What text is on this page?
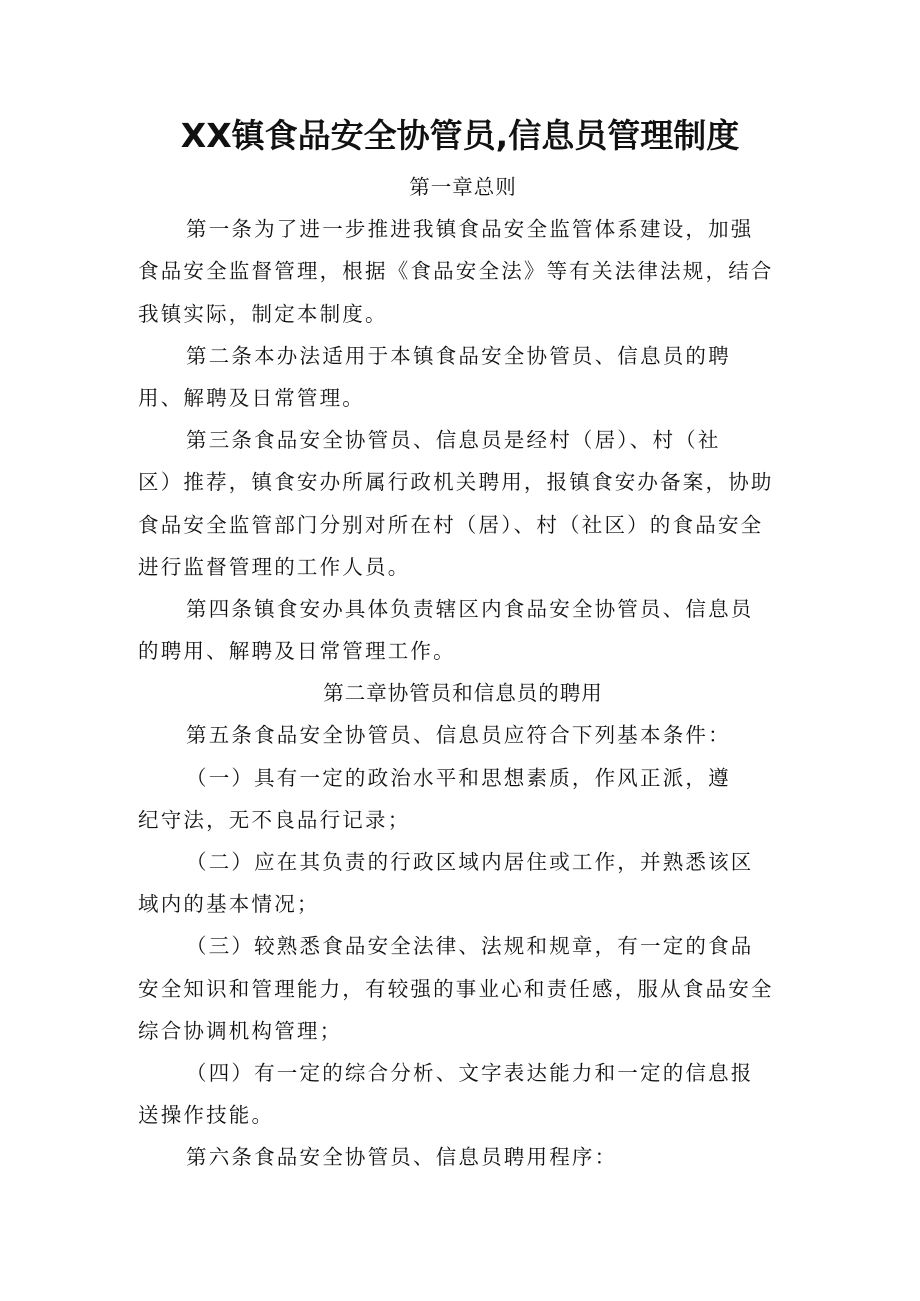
XX镇食品安全协管员,信息员管理制度
第一章总则
第一条为了进一步推进我镇食品安全监管体系建设，加强
食品安全监督管理，根据《食品安全法》等有关法律法规，结合
我镇实际，制定本制度。
第二条本办法适用于本镇食品安全协管员、信息员的聘
用、解聘及日常管理。
第三条食品安全协管员、信息员是经村（居）、村（社
区）推荐，镇食安办所属行政机关聘用，报镇食安办备案，协助
食品安全监管部门分别对所在村（居）、村（社区）的食品安全
进行监督管理的工作人员。
第四条镇食安办具体负责辖区内食品安全协管员、信息员
的聘用、解聘及日常管理工作。
第二章协管员和信息员的聘用
第五条食品安全协管员、信息员应符合下列基本条件：
（一）具有一定的政治水平和思想素质，作风正派，遵
纪守法，无不良品行记录；
（二）应在其负责的行政区域内居住或工作，并熟悉该区
域内的基本情况；
（三）较熟悉食品安全法律、法规和规章，有一定的食品
安全知识和管理能力，有较强的事业心和责任感，服从食品安全
综合协调机构管理；
（四）有一定的综合分析、文字表达能力和一定的信息报
送操作技能。
第六条食品安全协管员、信息员聘用程序：
